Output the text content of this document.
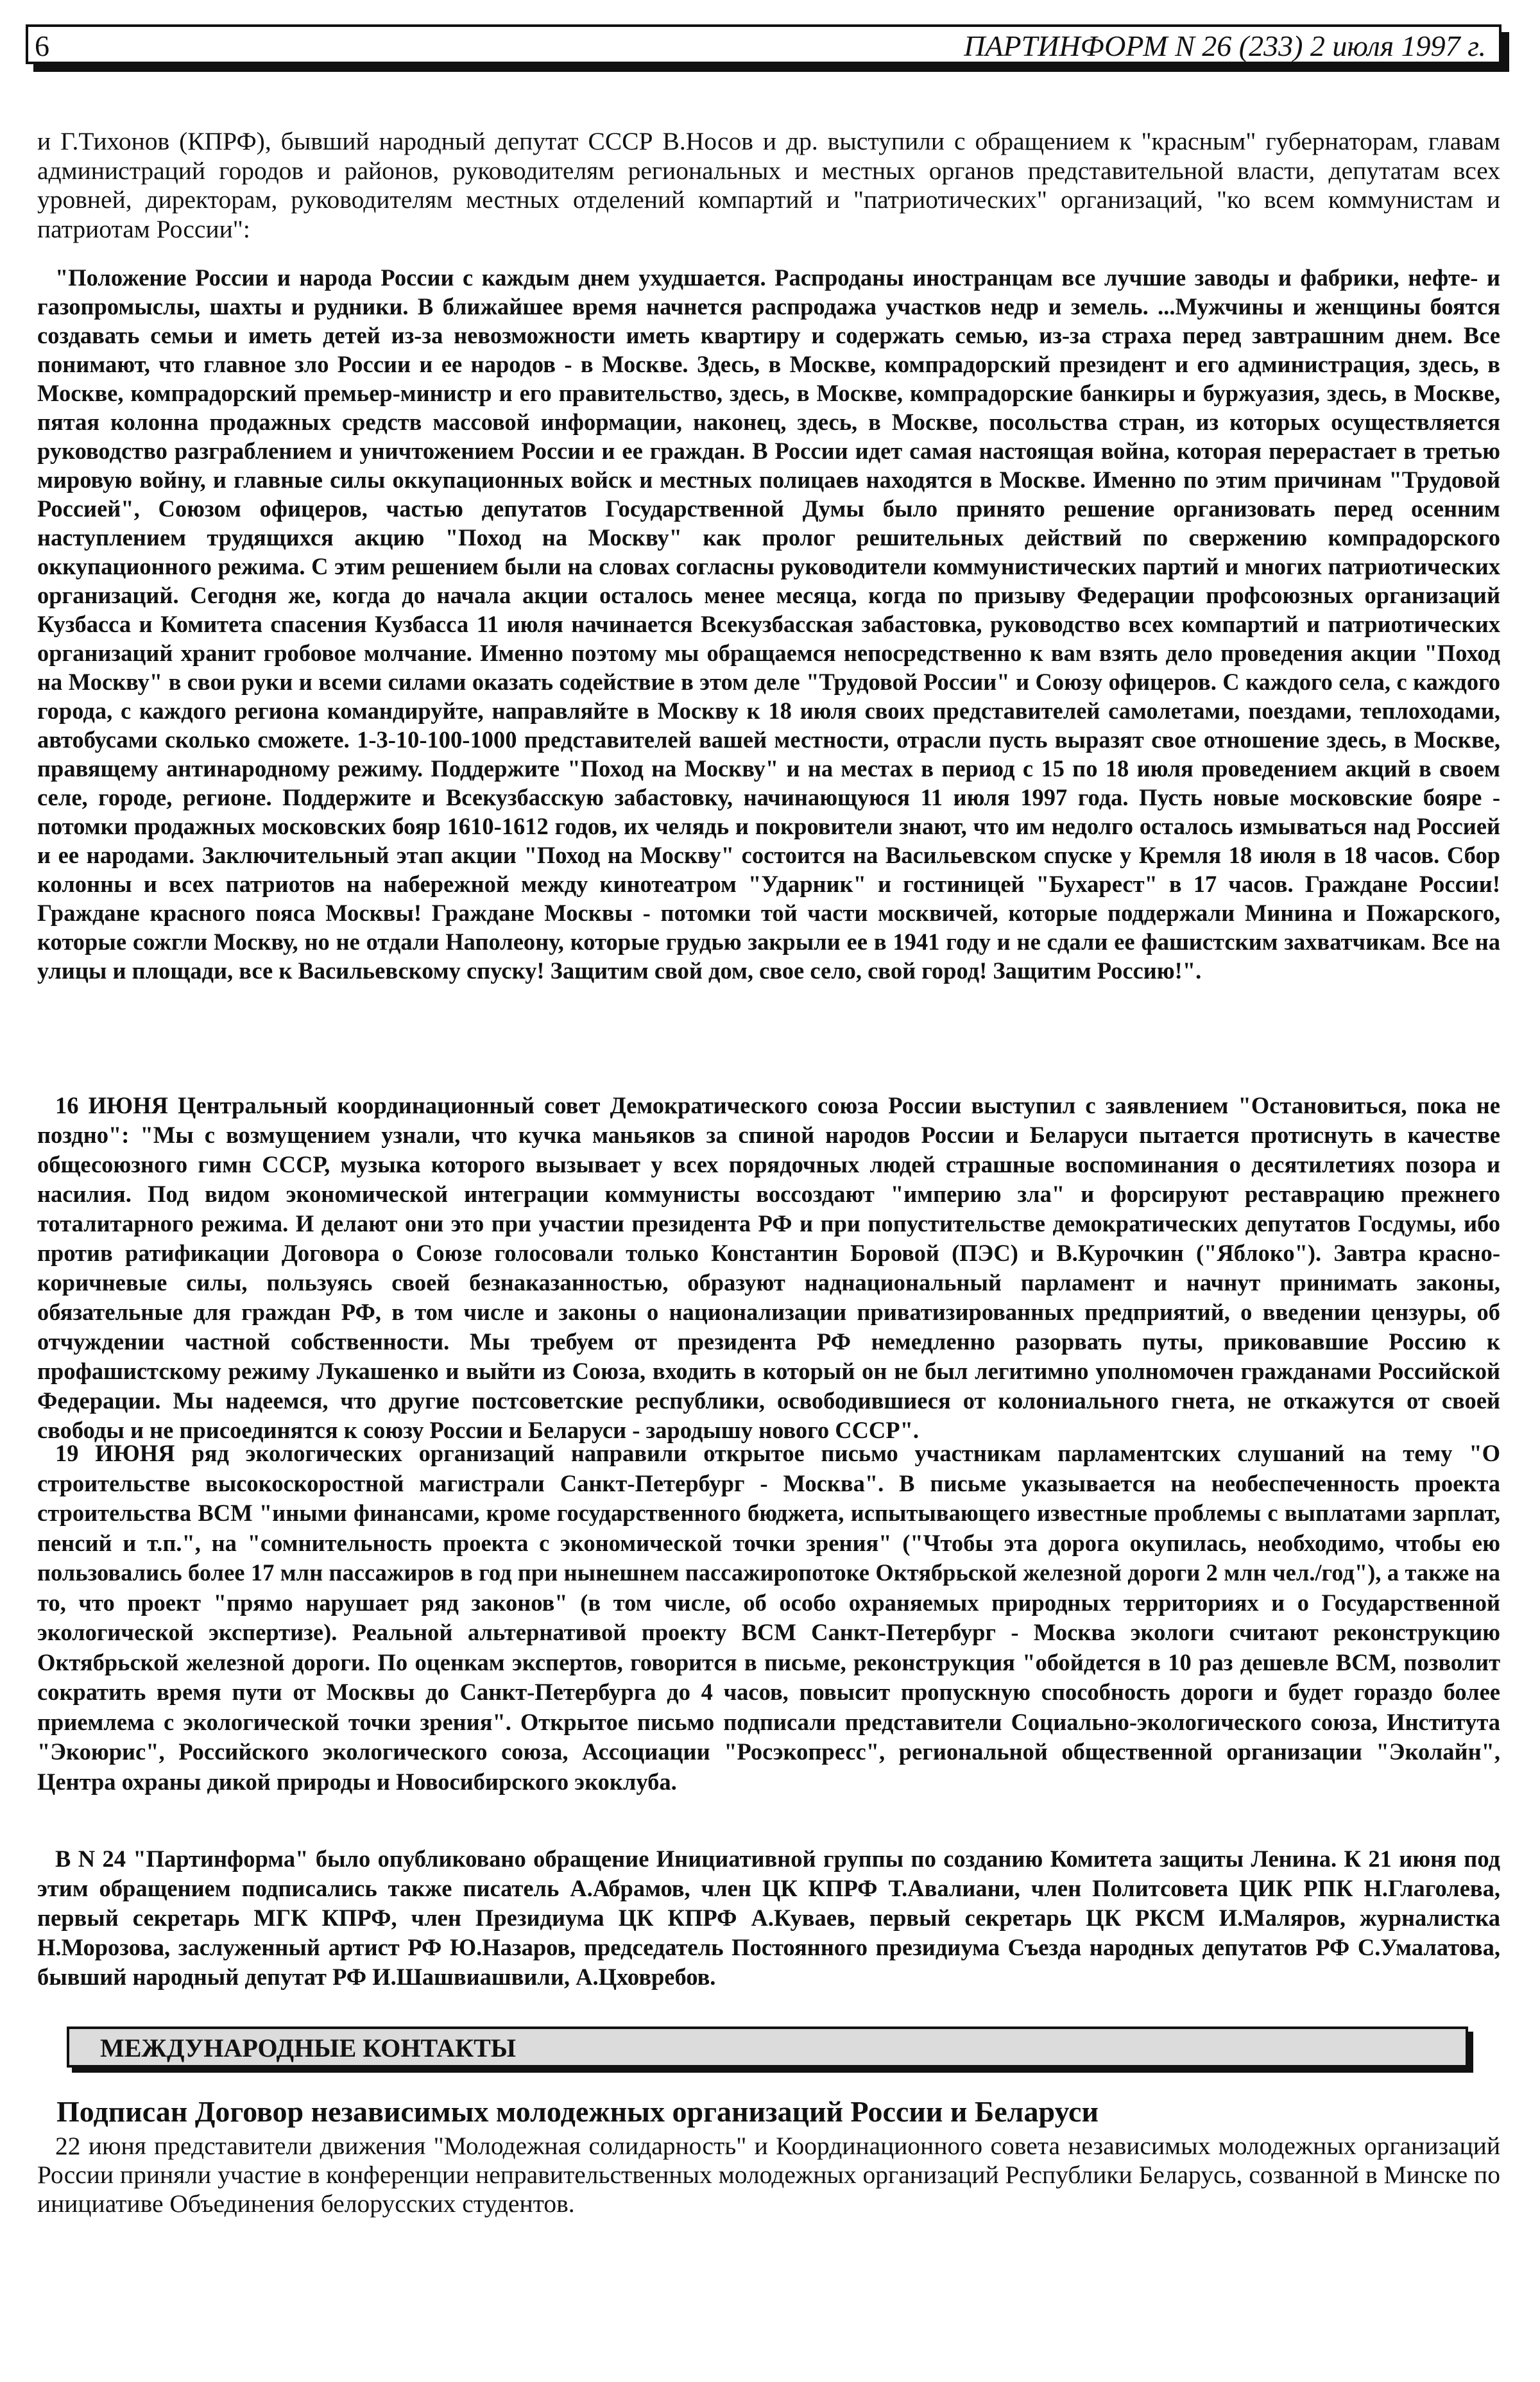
6	ПАРТИНФОРМ N 26 (233) 2 июля 1997 г.

и Г.Тихонов (КПРФ), бывший народный депутат СССР В.Носов и др. выступили с обращением к "красным" губернаторам, главам администраций городов и районов, руководителям региональных и местных органов представительной власти, депутатам всех уровней, директорам, руководителям местных отделений компартий и "патриотических" организаций, "ко всем коммунистам и патриотам России":

"Положение России и народа России с каждым днем ухудшается. Распроданы иностранцам все лучшие заводы и фабрики, нефте- и газопромыслы, шахты и рудники. В ближайшее время начнется распродажа участков недр и земель. ...Мужчины и женщины боятся создавать семьи и иметь детей из-за невозможности иметь квартиру и содержать семью, из-за страха перед завтрашним днем. Все понимают, что главное зло России и ее народов - в Москве. Здесь, в Москве, компрадорский президент и его администрация, здесь, в Москве, компрадорский премьер-министр и его правительство, здесь, в Москве, компрадорские банкиры и буржуазия, здесь, в Москве, пятая колонна продажных средств массовой информации, наконец, здесь, в Москве, посольства стран, из которых осуществляется руководство разграблением и уничтожением России и ее граждан. В России идет самая настоящая война, которая перерастает в третью мировую войну, и главные силы оккупационных войск и местных полицаев находятся в Москве. Именно по этим причинам "Трудовой Россией", Союзом офицеров, частью депутатов Государственной Думы было принято решение организовать перед осенним наступлением трудящихся акцию "Поход на Москву" как пролог решительных действий по свержению компрадорского оккупационного режима. С этим решением были на словах согласны руководители коммунистических партий и многих патриотических организаций. Сегодня же, когда до начала акции осталось менее месяца, когда по призыву Федерации профсоюзных организаций Кузбасса и Комитета спасения Кузбасса 11 июля начинается Всекузбасская забастовка, руководство всех компартий и патриотических организаций хранит гробовое молчание. Именно поэтому мы обращаемся непосредственно к вам взять дело проведения акции "Поход на Москву" в свои руки и всеми силами оказать содействие в этом деле "Трудовой России" и Союзу офицеров. С каждого села, с каждого города, с каждого региона командируйте, направляйте в Москву к 18 июля своих представителей самолетами, поездами, теплоходами, автобусами сколько сможете. 1-3-10-100-1000 представителей вашей местности, отрасли пусть выразят свое отношение здесь, в Москве, правящему антинародному режиму. Поддержите "Поход на Москву" и на местах в период с 15 по 18 июля проведением акций в своем селе, городе, регионе. Поддержите и Всекузбасскую забастовку, начинающуюся 11 июля 1997 года. Пусть новые московские бояре - потомки продажных московских бояр 1610-1612 годов, их челядь и покровители знают, что им недолго осталось измываться над Россией и ее народами. Заключительный этап акции "Поход на Москву" состоится на Васильевском спуске у Кремля 18 июля в 18 часов. Сбор колонны и всех патриотов на набережной между кинотеатром "Ударник" и гостиницей "Бухарест" в 17 часов. Граждане России! Граждане красного пояса Москвы! Граждане Москвы - потомки той части москвичей, которые поддержали Минина и Пожарского, которые сожгли Москву, но не отдали Наполеону, которые грудью закрыли ее в 1941 году и не сдали ее фашистским захватчикам. Все на улицы и площади, все к Васильевскому спуску! Защитим свой дом, свое село, свой город! Защитим Россию!".

16 ИЮНЯ Центральный координационный совет Демократического союза России выступил с заявлением "Остановиться, пока не поздно": "Мы с возмущением узнали, что кучка маньяков за спиной народов России и Беларуси пытается протиснуть в качестве общесоюзного гимн СССР, музыка которого вызывает у всех порядочных людей страшные воспоминания о десятилетиях позора и насилия. Под видом экономической интеграции коммунисты воссоздают "империю зла" и форсируют реставрацию прежнего тоталитарного режима. И делают они это при участии президента РФ и при попустительстве демократических депутатов Госдумы, ибо против ратификации Договора о Союзе голосовали только Константин Боровой (ПЭС) и В.Курочкин ("Яблоко"). Завтра красно-коричневые силы, пользуясь своей безнаказанностью, образуют наднациональный парламент и начнут принимать законы, обязательные для граждан РФ, в том числе и законы о национализации приватизированных предприятий, о введении цензуры, об отчуждении частной собственности. Мы требуем от президента РФ немедленно разорвать путы, приковавшие Россию к профашистскому режиму Лукашенко и выйти из Союза, входить в который он не был легитимно уполномочен гражданами Российской Федерации. Мы надеемся, что другие постсоветские республики, освободившиеся от колониального гнета, не откажутся от своей свободы и не присоединятся к союзу России и Беларуси - зародышу нового СССР".

19 ИЮНЯ ряд экологических организаций направили открытое письмо участникам парламентских слушаний на тему "О строительстве высокоскоростной магистрали Санкт-Петербург - Москва". В письме указывается на необеспеченность проекта строительства ВСМ "иными финансами, кроме государственного бюджета, испытывающего известные проблемы с выплатами зарплат, пенсий и т.п.", на "сомнительность проекта с экономической точки зрения" ("Чтобы эта дорога окупилась, необходимо, чтобы ею пользовались более 17 млн пассажиров в год при нынешнем пассажиропотоке Октябрьской железной дороги 2 млн чел./год"), а также на то, что проект "прямо нарушает ряд законов" (в том числе, об особо охраняемых природных территориях и о Государственной экологической экспертизе). Реальной альтернативой проекту ВСМ Санкт-Петербург - Москва экологи считают реконструкцию Октябрьской железной дороги. По оценкам экспертов, говорится в письме, реконструкция "обойдется в 10 раз дешевле ВСМ, позволит сократить время пути от Москвы до Санкт-Петербурга до 4 часов, повысит пропускную способность дороги и будет гораздо более приемлема с экологической точки зрения". Открытое письмо подписали представители Социально-экологического союза, Института "Экоюрис", Российского экологического союза, Ассоциации "Росэкопресс", региональной общественной организации "Эколайн", Центра охраны дикой природы и Новосибирского экоклуба.

В N 24 "Партинформа" было опубликовано обращение Инициативной группы по созданию Комитета защиты Ленина. К 21 июня под этим обращением подписались также писатель А.Абрамов, член ЦК КПРФ Т.Авалиани, член Политсовета ЦИК РПК Н.Глаголева, первый секретарь МГК КПРФ, член Президиума ЦК КПРФ А.Куваев, первый секретарь ЦК РКСМ И.Маляров, журналистка Н.Морозова, заслуженный артист РФ Ю.Назаров, председатель Постоянного президиума Съезда народных депутатов РФ С.Умалатова, бывший народный депутат РФ И.Шашвиашвили, А.Цховребов.

МЕЖДУНАРОДНЫЕ КОНТАКТЫ
Подписан Договор независимых молодежных организаций России и Беларуси

22 июня представители движения "Молодежная солидарность" и Координационного совета независимых молодежных организаций России приняли участие в конференции неправительственных молодежных организаций Республики Беларусь, созванной в Минске по инициативе Объединения белорусских студентов.
